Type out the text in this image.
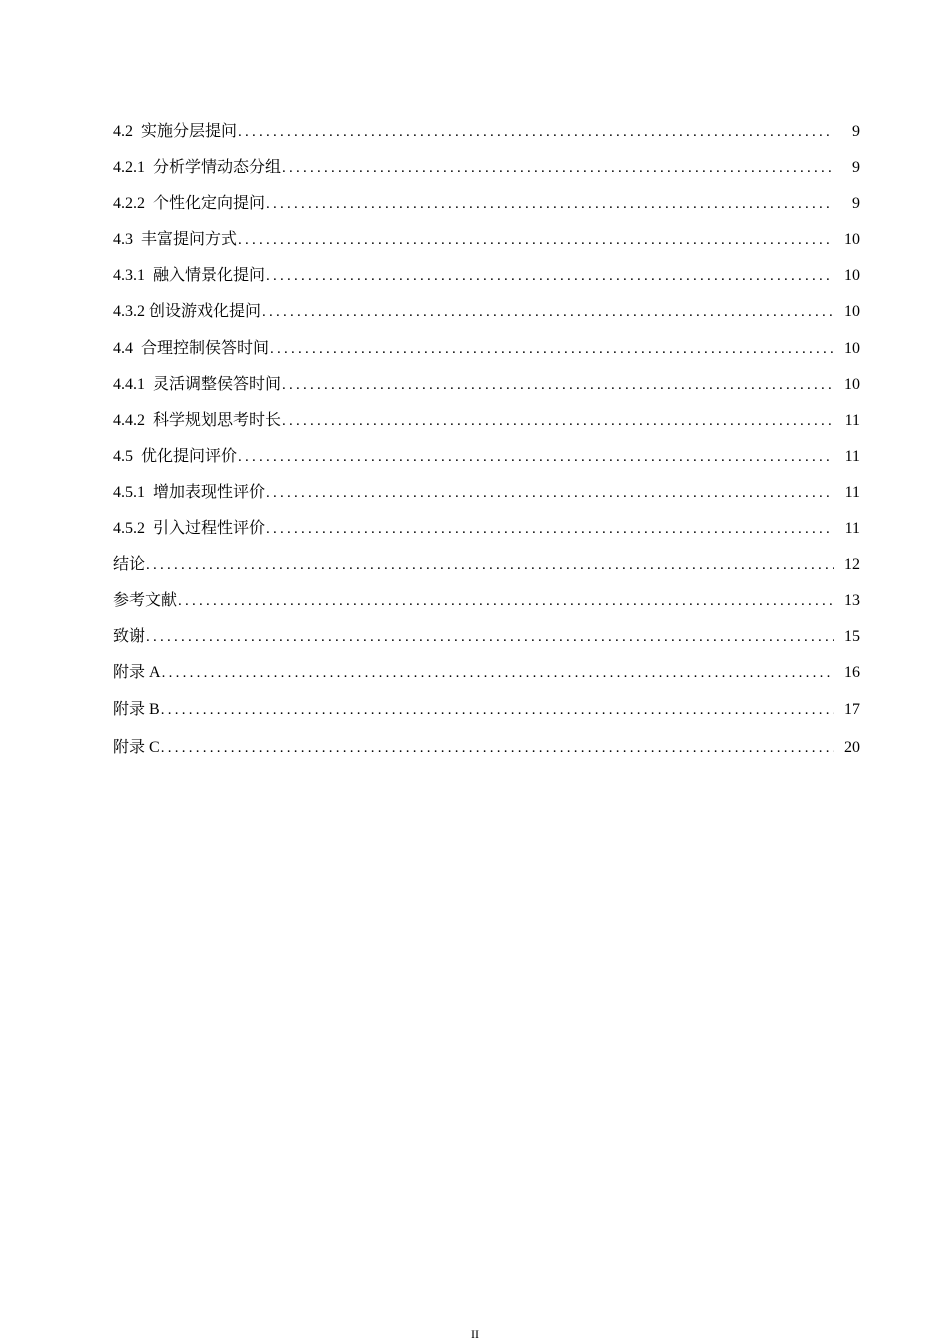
4.2  实施分层提问 .....	9
4.2.1  分析学情动态分组 .....	9
4.2.2  个性化定向提问 .....	9
4.3  丰富提问方式 .....	10
4.3.1  融入情景化提问 .....	10
4.3.2 创设游戏化提问 .....	10
4.4  合理控制侯答时间 .....	10
4.4.1  灵活调整侯答时间 .....	10
4.4.2  科学规划思考时长 .....	11
4.5  优化提问评价 .....	11
4.5.1  增加表现性评价 .....	11
4.5.2  引入过程性评价 .....	11
结论 .....	12
参考文献 .....	13
致谢 .....	15
附录 A .....	16
附录 B .....	17
附录 C .....	20
II
